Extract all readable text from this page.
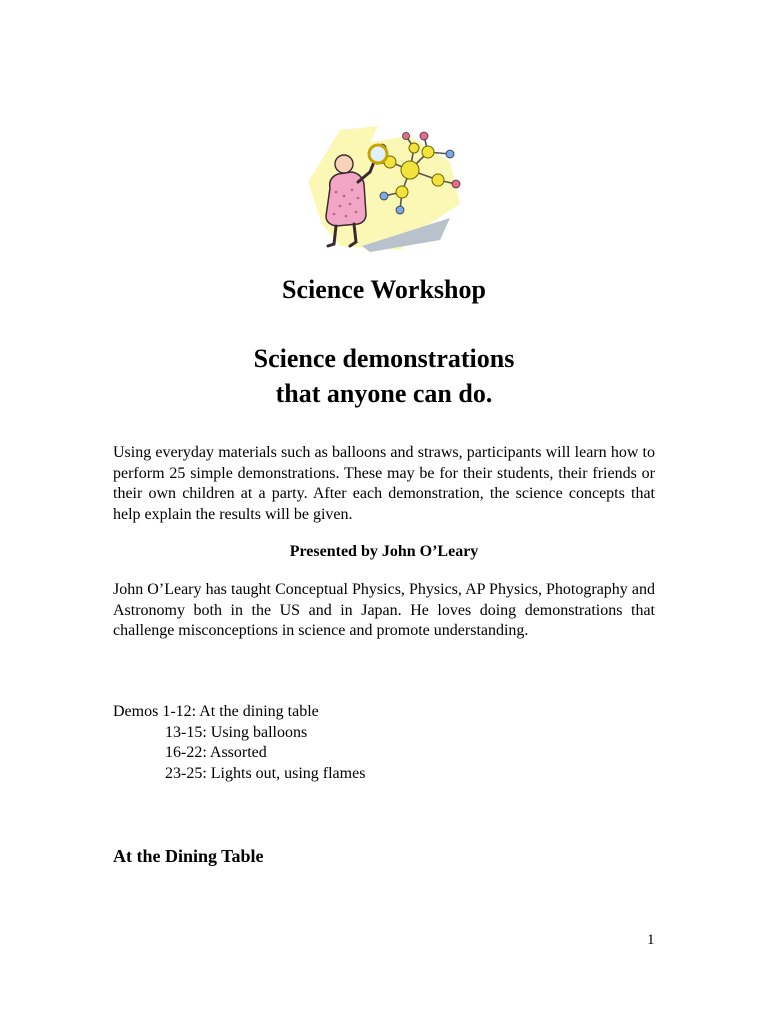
Science Workshop
Science demonstrations
that anyone can do.

Using everyday materials such as balloons and straws, participants will learn how to perform 25 simple demonstrations. These may be for their students, their friends or their own children at a party. After each demonstration, the science concepts that help explain the results will be given.

Presented by John O’Leary

John O’Leary has taught Conceptual Physics, Physics, AP Physics, Photography and Astronomy both in the US and in Japan. He loves doing demonstrations that challenge misconceptions in science and promote understanding.

Demos 1-12: At the dining table

13-15: Using balloons

16-22: Assorted

23-25: Lights out, using flames

At the Dining Table

1
